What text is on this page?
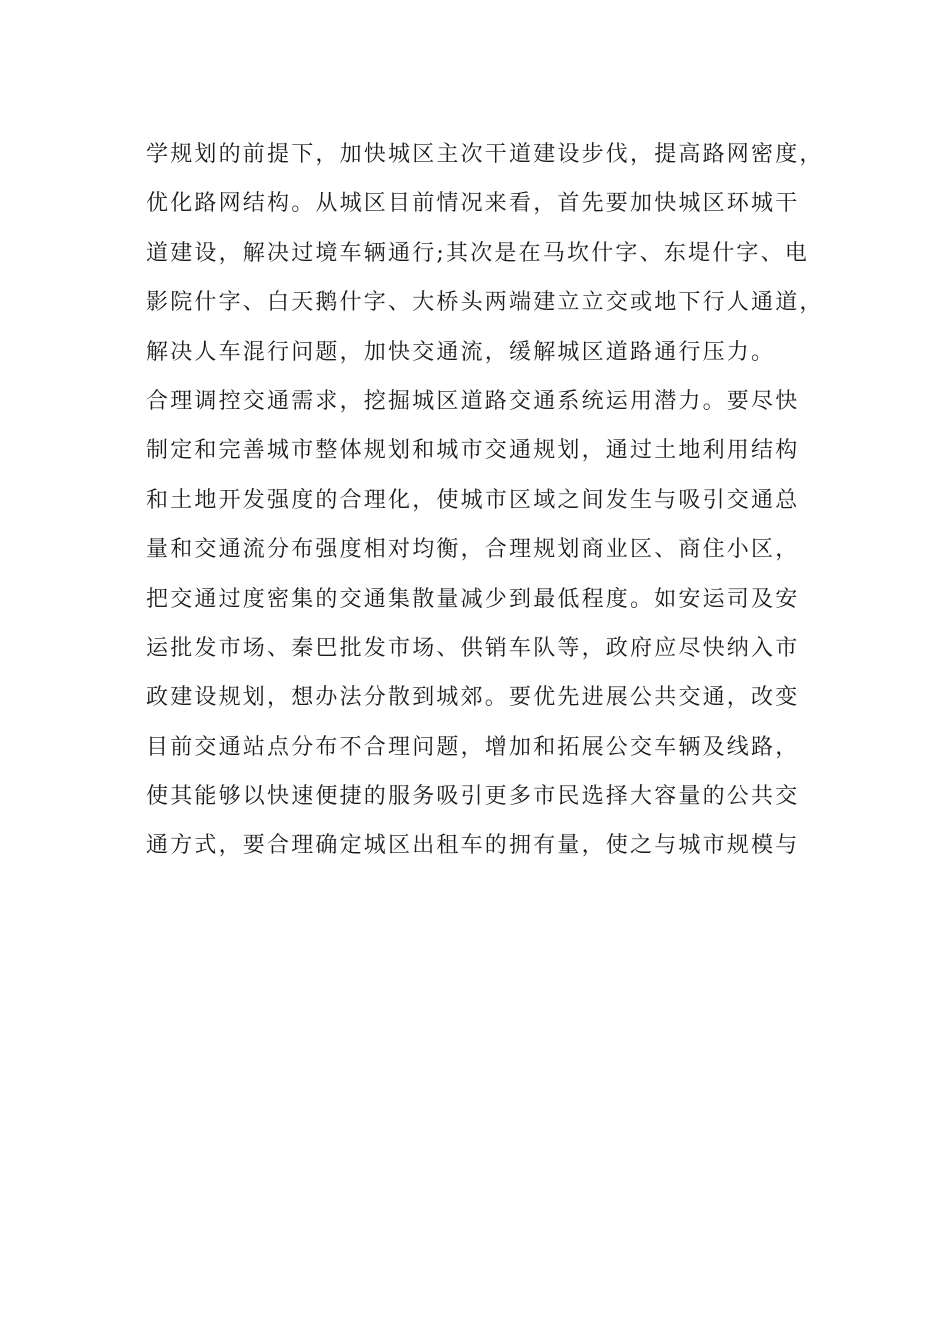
学规划的前提下，加快城区主次干道建设步伐，提高路网密度，
优化路网结构。从城区目前情况来看，首先要加快城区环城干
道建设，解决过境车辆通行;其次是在马坎什字、东堤什字、电
影院什字、白天鹅什字、大桥头两端建立立交或地下行人通道，
解决人车混行问题，加快交通流，缓解城区道路通行压力。
合理调控交通需求，挖掘城区道路交通系统运用潜力。要尽快
制定和完善城市整体规划和城市交通规划，通过土地利用结构
和土地开发强度的合理化，使城市区域之间发生与吸引交通总
量和交通流分布强度相对均衡，合理规划商业区、商住小区，
把交通过度密集的交通集散量减少到最低程度。如安运司及安
运批发市场、秦巴批发市场、供销车队等，政府应尽快纳入市
政建设规划，想办法分散到城郊。要优先进展公共交通，改变
目前交通站点分布不合理问题，增加和拓展公交车辆及线路，
使其能够以快速便捷的服务吸引更多市民选择大容量的公共交
通方式，要合理确定城区出租车的拥有量，使之与城市规模与
